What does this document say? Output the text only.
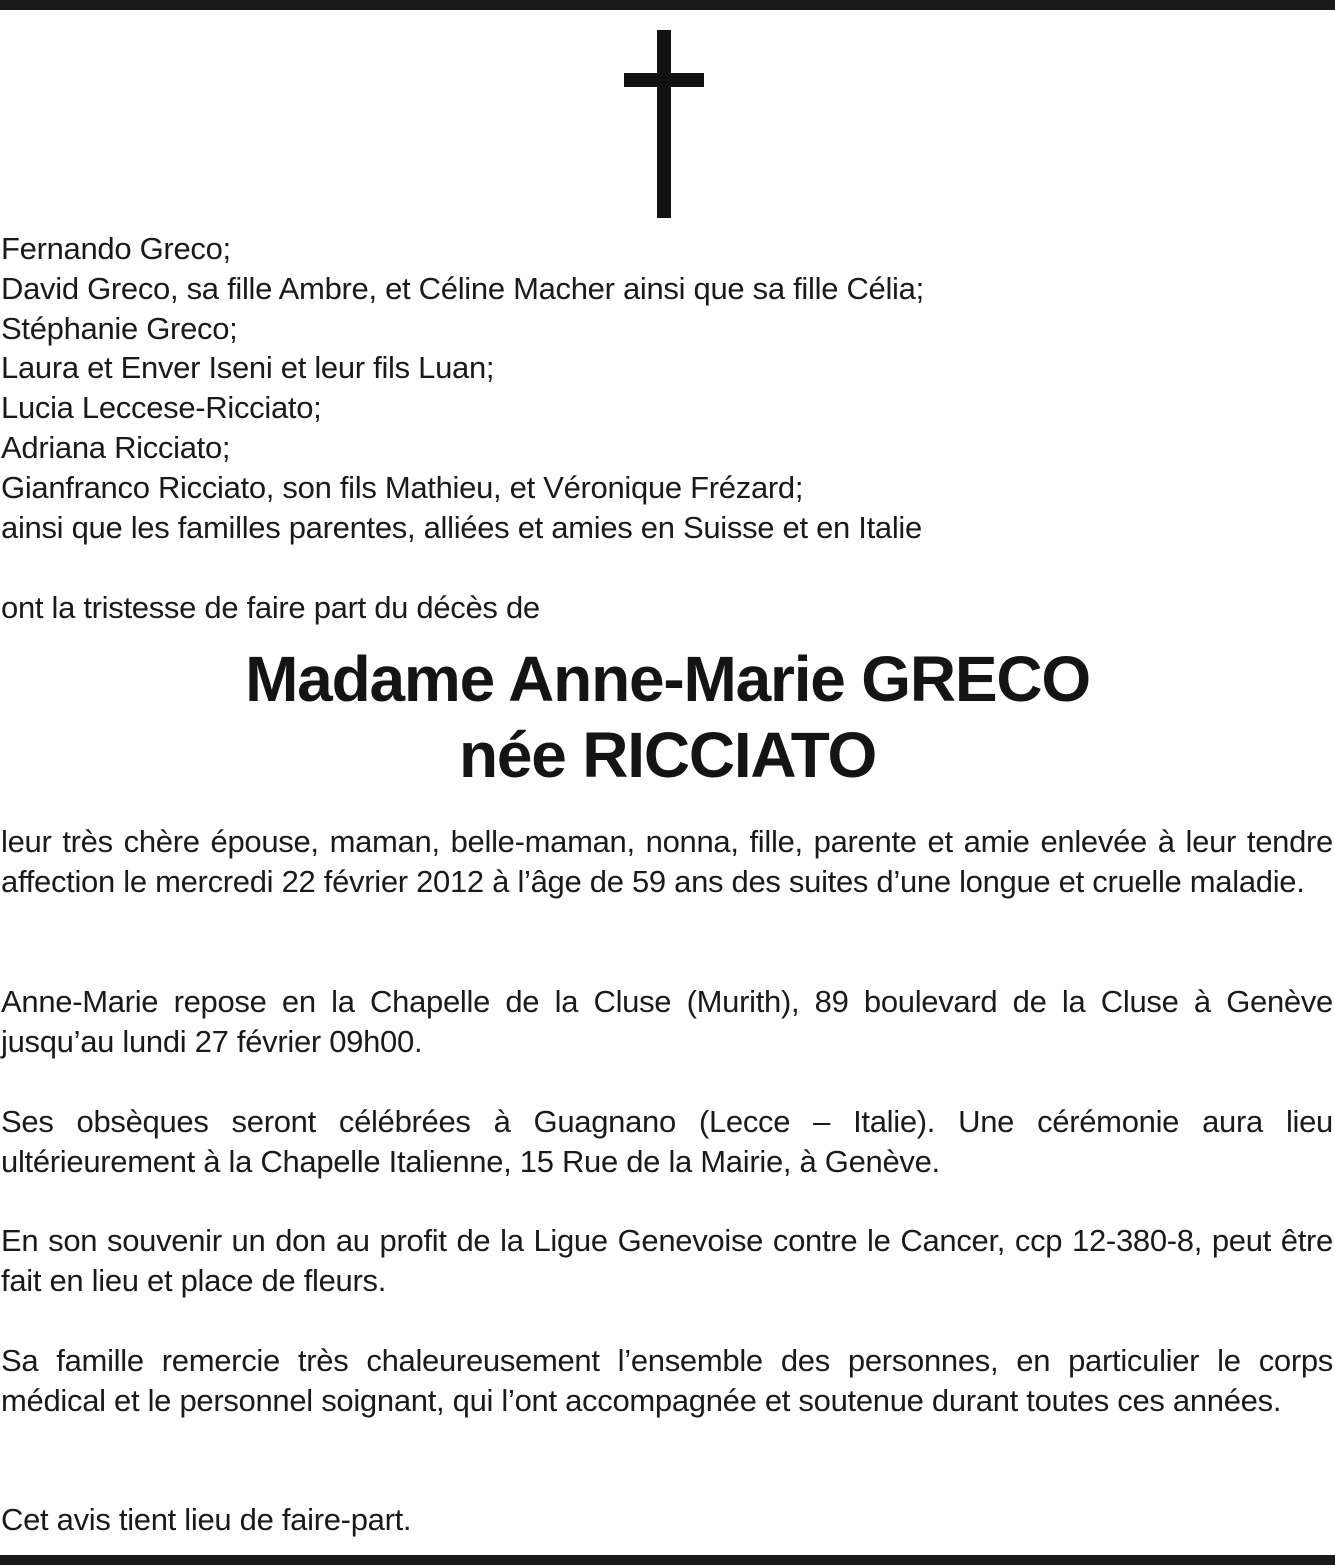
Fernando Greco;
David Greco, sa fille Ambre, et Céline Macher ainsi que sa fille Célia;
Stéphanie Greco;
Laura et Enver Iseni et leur fils Luan;
Lucia Leccese-Ricciato;
Adriana Ricciato;
Gianfranco Ricciato, son fils Mathieu, et Véronique Frézard;
ainsi que les familles parentes, alliées et amies en Suisse et en Italie
ont la tristesse de faire part du décès de
Madame Anne-Marie GRECO
née RICCIATO
leur très chère épouse, maman, belle-maman, nonna, fille, parente et amie enlevée à leur tendre affection le mercredi 22 février 2012 à l’âge de 59 ans des suites d’une longue et cruelle maladie.
Anne-Marie repose en la Chapelle de la Cluse (Murith), 89 boulevard de la Cluse à Genève jusqu’au lundi 27 février 09h00.
Ses obsèques seront célébrées à Guagnano (Lecce – Italie). Une cérémonie aura lieu ultérieurement à la Chapelle Italienne, 15 Rue de la Mairie, à Genève.
En son souvenir un don au profit de la Ligue Genevoise contre le Cancer, ccp 12-380-8, peut être fait en lieu et place de fleurs.
Sa famille remercie très chaleureusement l’ensemble des personnes, en particulier le corps médical et le personnel soignant, qui l’ont accompagnée et soutenue durant toutes ces années.
Cet avis tient lieu de faire-part.
